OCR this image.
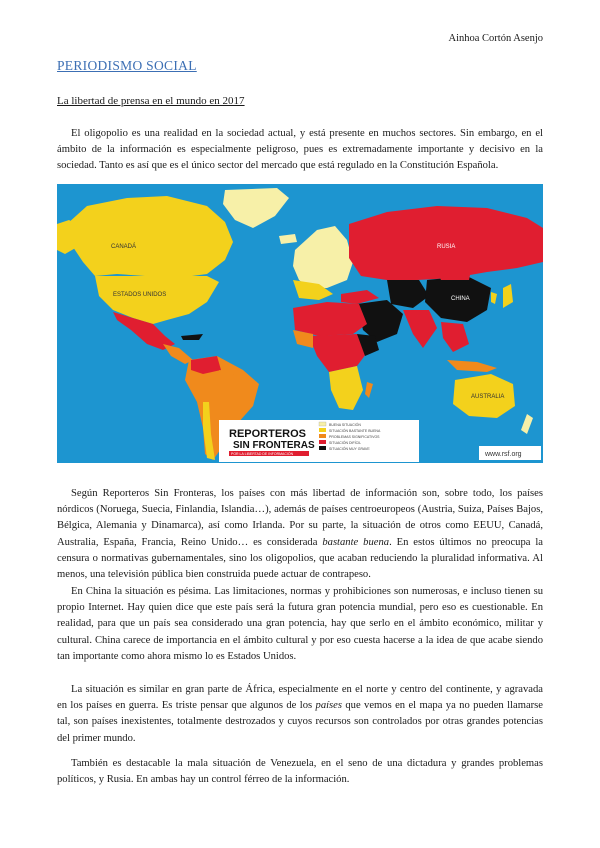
Ainhoa Cortón Asenjo
PERIODISMO SOCIAL
La libertad de prensa en el mundo en 2017

El oligopolio es una realidad en la sociedad actual, y está presente en muchos sectores. Sin embargo, en el ámbito de la información es especialmente peligroso, pues es extremadamente importante y decisivo en la sociedad. Tanto es así que es el único sector del mercado que está regulado en la Constitución Española.

CANADÁ
ESTADOS UNIDOS
RUSIA
CHINA
AUSTRALIA
REPORTEROS
SIN FRONTERAS
POR LA LIBERTAD DE INFORMACIÓN
BUENA SITUACIÓN
SITUACIÓN BASTANTE BUENA
PROBLEMAS SIGNIFICATIVOS
SITUACIÓN DIFÍCIL
SITUACIÓN MUY GRAVE
www.rsf.org

Según Reporteros Sin Fronteras, los países con más libertad de información son, sobre todo, los países nórdicos (Noruega, Suecia, Finlandia, Islandia…), además de países centroeuropeos (Austria, Suiza, Países Bajos, Bélgica, Alemania y Dinamarca), así como Irlanda. Por su parte, la situación de otros como EEUU, Canadá, Australia, España, Francia, Reino Unido… es considerada bastante buena. En estos últimos no preocupa la censura o normativas gubernamentales, sino los oligopolios, que acaban reduciendo la pluralidad informativa. Al menos, una televisión pública bien construida puede actuar de contrapeso.

En China la situación es pésima. Las limitaciones, normas y prohibiciones son numerosas, e incluso tienen su propio Internet. Hay quien dice que este país será la futura gran potencia mundial, pero eso es cuestionable. En realidad, para que un país sea considerado una gran potencia, hay que serlo en el ámbito económico, militar y cultural. China carece de importancia en el ámbito cultural y por eso cuesta hacerse a la idea de que acabe siendo tan importante como ahora mismo lo es Estados Unidos.

La situación es similar en gran parte de África, especialmente en el norte y centro del continente, y agravada en los países en guerra. Es triste pensar que algunos de los países que vemos en el mapa ya no pueden llamarse tal, son países inexistentes, totalmente destrozados y cuyos recursos son controlados por otras grandes potencias del primer mundo.

También es destacable la mala situación de Venezuela, en el seno de una dictadura y grandes problemas políticos, y Rusia. En ambas hay un control férreo de la información.
